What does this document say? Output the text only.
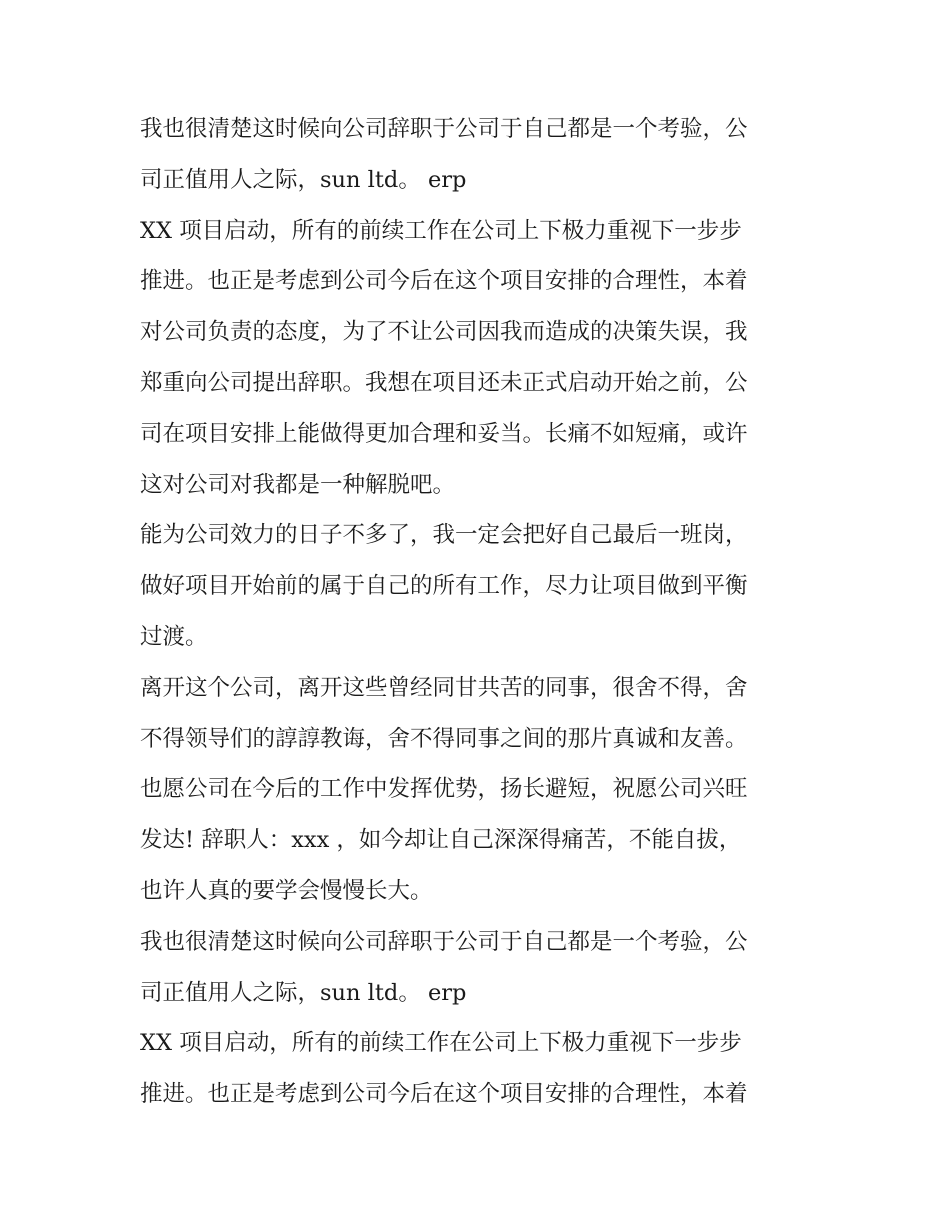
我也很清楚这时候向公司辞职于公司于自己都是一个考验，公
司正值用人之际，sun ltd。 erp
XX 项目启动，所有的前续工作在公司上下极力重视下一步步
推进。也正是考虑到公司今后在这个项目安排的合理性，本着
对公司负责的态度，为了不让公司因我而造成的决策失误，我
郑重向公司提出辞职。我想在项目还未正式启动开始之前，公
司在项目安排上能做得更加合理和妥当。长痛不如短痛，或许
这对公司对我都是一种解脱吧。
能为公司效力的日子不多了，我一定会把好自己最后一班岗，
做好项目开始前的属于自己的所有工作，尽力让项目做到平衡
过渡。
离开这个公司，离开这些曾经同甘共苦的同事，很舍不得，舍
不得领导们的諄諄教诲，舍不得同事之间的那片真诚和友善。
也愿公司在今后的工作中发挥优势，扬长避短，祝愿公司兴旺
发达! 辞职人：xxx ，如今却让自己深深得痛苦，不能自拔，
也许人真的要学会慢慢长大。
我也很清楚这时候向公司辞职于公司于自己都是一个考验，公
司正值用人之际，sun ltd。 erp
XX 项目启动，所有的前续工作在公司上下极力重视下一步步
推进。也正是考虑到公司今后在这个项目安排的合理性，本着
